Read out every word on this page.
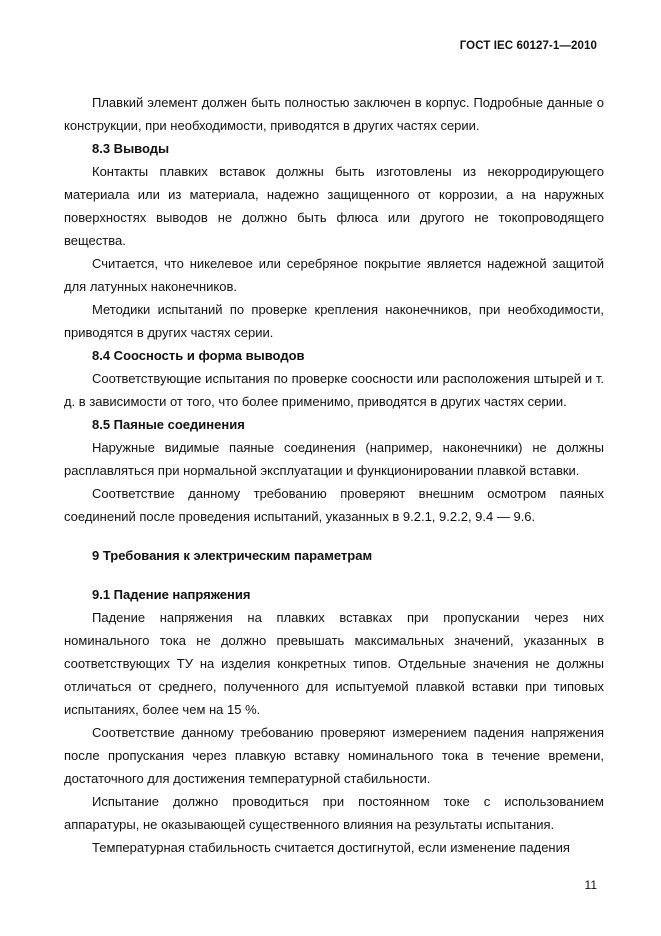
ГОСТ IEC 60127-1—2010

Плавкий элемент должен быть полностью заключен в корпус. Подробные данные о конструкции, при необходимости, приводятся в других частях серии.

8.3 Выводы

Контакты плавких вставок должны быть изготовлены из некорродирующего материала или из материала, надежно защищенного от коррозии, а на наружных поверхностях выводов не должно быть флюса или другого не токопроводящего вещества.

Считается, что никелевое или серебряное покрытие является надежной защитой для латунных наконечников.

Методики испытаний по проверке крепления наконечников, при необходимости, приводятся в других частях серии.

8.4 Соосность и форма выводов

Соответствующие испытания по проверке соосности или расположения штырей и т. д. в зависимости от того, что более применимо, приводятся в других частях серии.

8.5 Паяные соединения

Наружные видимые паяные соединения (например, наконечники) не должны расплавляться при нормальной эксплуатации и функционировании плавкой вставки.

Соответствие данному требованию проверяют внешним осмотром паяных соединений после проведения испытаний, указанных в 9.2.1, 9.2.2, 9.4 — 9.6.

9 Требования к электрическим параметрам

9.1 Падение напряжения

Падение напряжения на плавких вставках при пропускании через них номинального тока не должно превышать максимальных значений, указанных в соответствующих ТУ на изделия конкретных типов. Отдельные значения не должны отличаться от среднего, полученного для испытуемой плавкой вставки при типовых испытаниях, более чем на 15 %.

Соответствие данному требованию проверяют измерением падения напряжения после пропускания через плавкую вставку номинального тока в течение времени, достаточного для достижения температурной стабильности.

Испытание должно проводиться при постоянном токе с использованием аппаратуры, не оказывающей существенного влияния на результаты испытания.

Температурная стабильность считается достигнутой, если изменение падения

11
